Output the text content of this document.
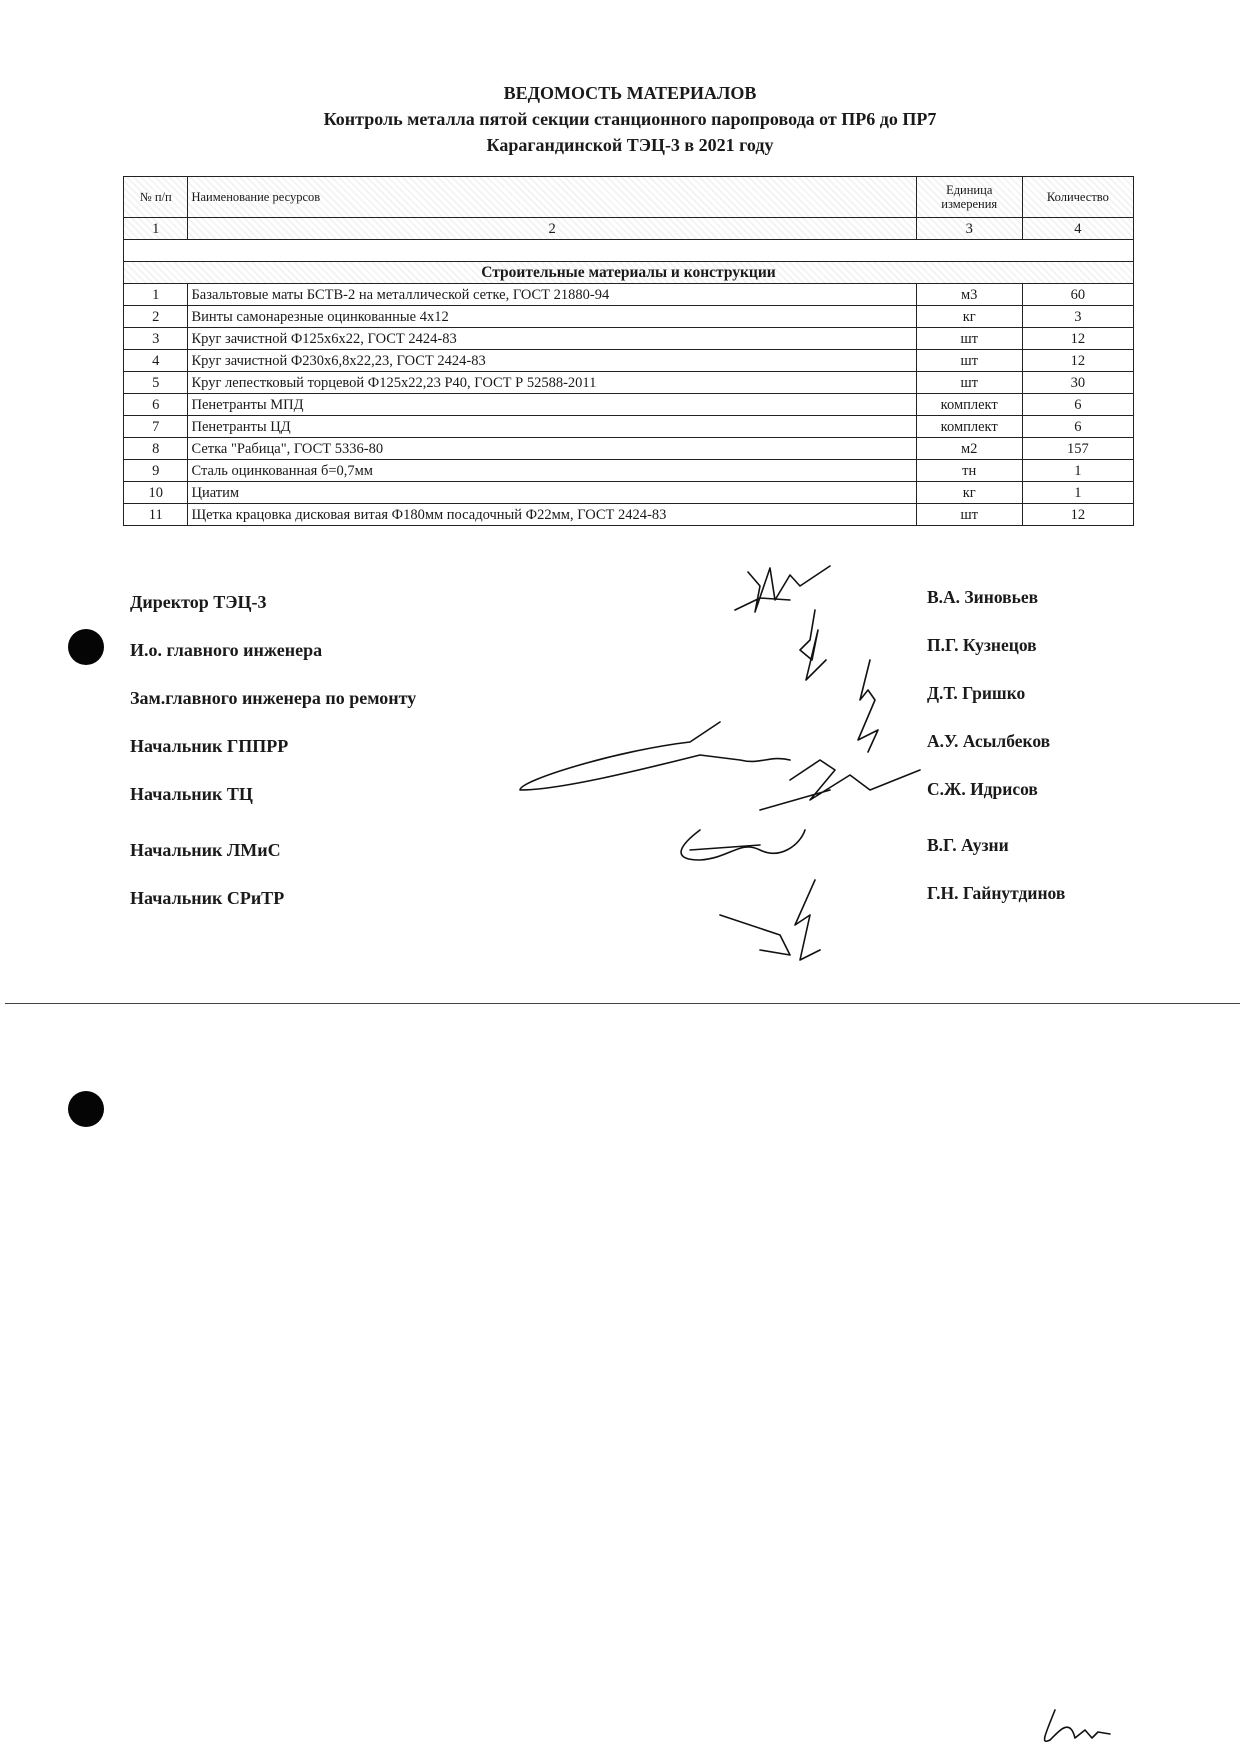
ВЕДОМОСТЬ МАТЕРИАЛОВ
Контроль металла пятой секции станционного паропровода от ПР6 до ПР7
Карагандинской ТЭЦ-3 в 2021 году
№ п/п	Наименование ресурсов	Единица измерения	Количество
1	2	3	4

Строительные материалы и конструкции			
1	Базальтовые маты БСТВ-2 на металлической сетке, ГОСТ 21880-94	м3	60
2	Винты самонарезные оцинкованные 4х12	кг	3
3	Круг зачистной Ф125х6х22, ГОСТ 2424-83	шт	12
4	Круг зачистной Ф230х6,8х22,23, ГОСТ 2424-83	шт	12
5	Круг лепестковый торцевой Ф125х22,23 Р40, ГОСТ Р 52588-2011	шт	30
6	Пенетранты МПД	комплект	6
7	Пенетранты ЦД	комплект	6
8	Сетка "Рабица", ГОСТ 5336-80	м2	157
9	Сталь оцинкованная б=0,7мм	тн	1
10	Циатим	кг	1
11	Щетка крацовка дисковая витая Ф180мм посадочный Ф22мм, ГОСТ 2424-83	шт	12
Директор ТЭЦ-3	В.А. Зиновьев
И.о. главного инженера	П.Г. Кузнецов
Зам.главного инженера по ремонту	Д.Т. Гришко
Начальник ГППРР	А.У. Асылбеков
Начальник ТЦ	С.Ж. Идрисов
Начальник ЛМиС	В.Г. Аузни
Начальник СРиТР	Г.Н. Гайнутдинов
